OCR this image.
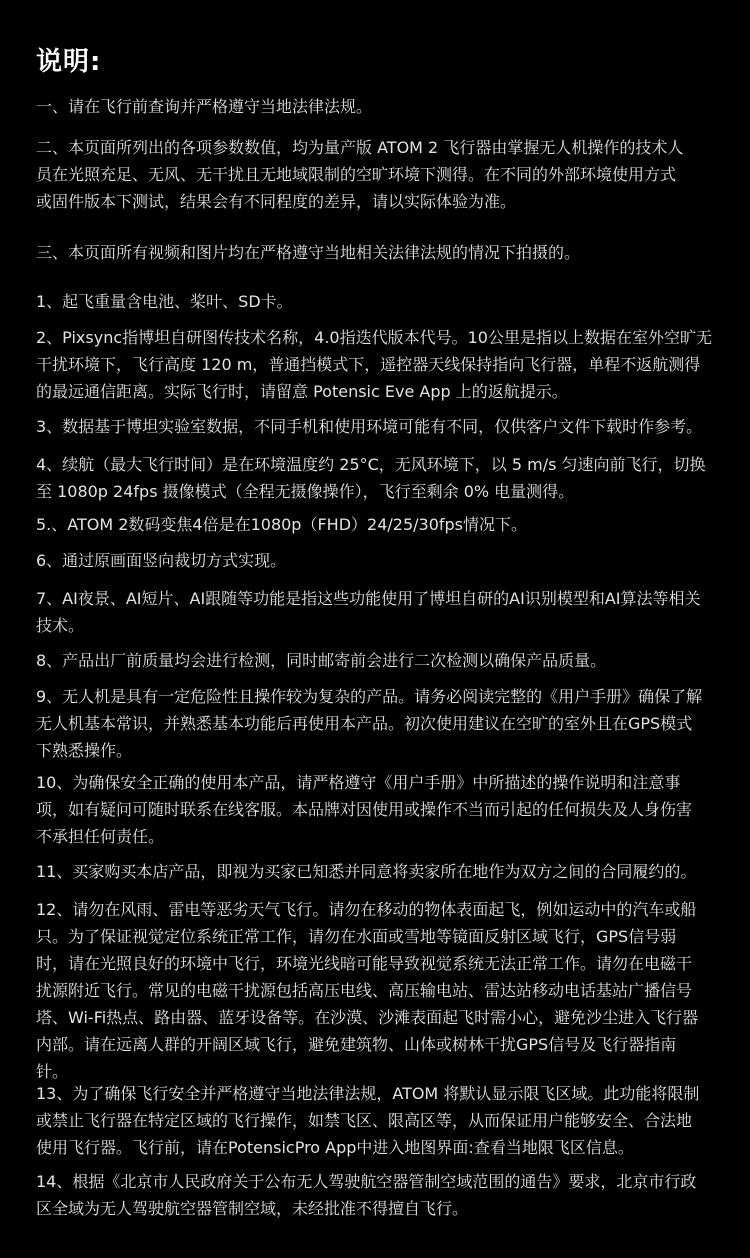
说明:
一、请在飞行前查询并严格遵守当地法律法规。
二、本页面所列出的各项参数数值，均为量产版 ATOM 2 飞行器由掌握无人机操作的技术人
员在光照充足、无风、无干扰且无地域限制的空旷环境下测得。在不同的外部环境使用方式
或固件版本下测试，结果会有不同程度的差异，请以实际体验为准。
三、本页面所有视频和图片均在严格遵守当地相关法律法规的情况下拍摄的。
1、起飞重量含电池、桨叶、SD卡。
2、Pixsync指博坦自研图传技术名称，4.0指迭代版本代号。10公里是指以上数据在室外空旷无
干扰环境下，飞行高度 120 m，普通挡模式下，遥控器天线保持指向飞行器，单程不返航测得
的最远通信距离。实际飞行时，请留意 Potensic Eve App 上的返航提示。
3、数据基于博坦实验室数据，不同手机和使用环境可能有不同，仅供客户文件下载时作参考。
4、续航（最大飞行时间）是在环境温度约 25°C，无风环境下，以 5 m/s 匀速向前飞行，切换
至 1080p 24fps 摄像模式（全程无摄像操作），飞行至剩余 0% 电量测得。
5.、ATOM 2数码变焦4倍是在1080p（FHD）24/25/30fps情况下。
6、通过原画面竖向裁切方式实现。
7、AI夜景、AI短片、AI跟随等功能是指这些功能使用了博坦自研的AI识别模型和AI算法等相关
技术。
8、产品出厂前质量均会进行检测，同时邮寄前会进行二次检测以确保产品质量。
9、无人机是具有一定危险性且操作较为复杂的产品。请务必阅读完整的《用户手册》确保了解
无人机基本常识，并熟悉基本功能后再使用本产品。初次使用建议在空旷的室外且在GPS模式
下熟悉操作。
10、为确保安全正确的使用本产品，请严格遵守《用户手册》中所描述的操作说明和注意事
项，如有疑问可随时联系在线客服。本品牌对因使用或操作不当而引起的任何损失及人身伤害
不承担任何责任。
11、买家购买本店产品，即视为买家已知悉并同意将卖家所在地作为双方之间的合同履约的。
12、请勿在风雨、雷电等恶劣天气飞行。请勿在移动的物体表面起飞，例如运动中的汽车或船
只。为了保证视觉定位系统正常工作，请勿在水面或雪地等镜面反射区域飞行，GPS信号弱
时，请在光照良好的环境中飞行，环境光线暗可能导致视觉系统无法正常工作。请勿在电磁干
扰源附近飞行。常见的电磁干扰源包括高压电线、高压输电站、雷达站移动电话基站广播信号
塔、Wi-Fi热点、路由器、蓝牙设备等。在沙漠、沙滩表面起飞时需小心，避免沙尘进入飞行器
内部。请在远离人群的开阔区域飞行，避免建筑物、山体或树林干扰GPS信号及飞行器指南
针。
13、为了确保飞行安全并严格遵守当地法律法规，ATOM 将默认显示限飞区域。此功能将限制
或禁止飞行器在特定区域的飞行操作，如禁飞区、限高区等，从而保证用户能够安全、合法地
使用飞行器。飞行前，请在PotensicPro App中进入地图界面:查看当地限飞区信息。
14、根据《北京市人民政府关于公布无人驾驶航空器管制空域范围的通告》要求，北京市行政
区全域为无人驾驶航空器管制空域，未经批准不得擅自飞行。
